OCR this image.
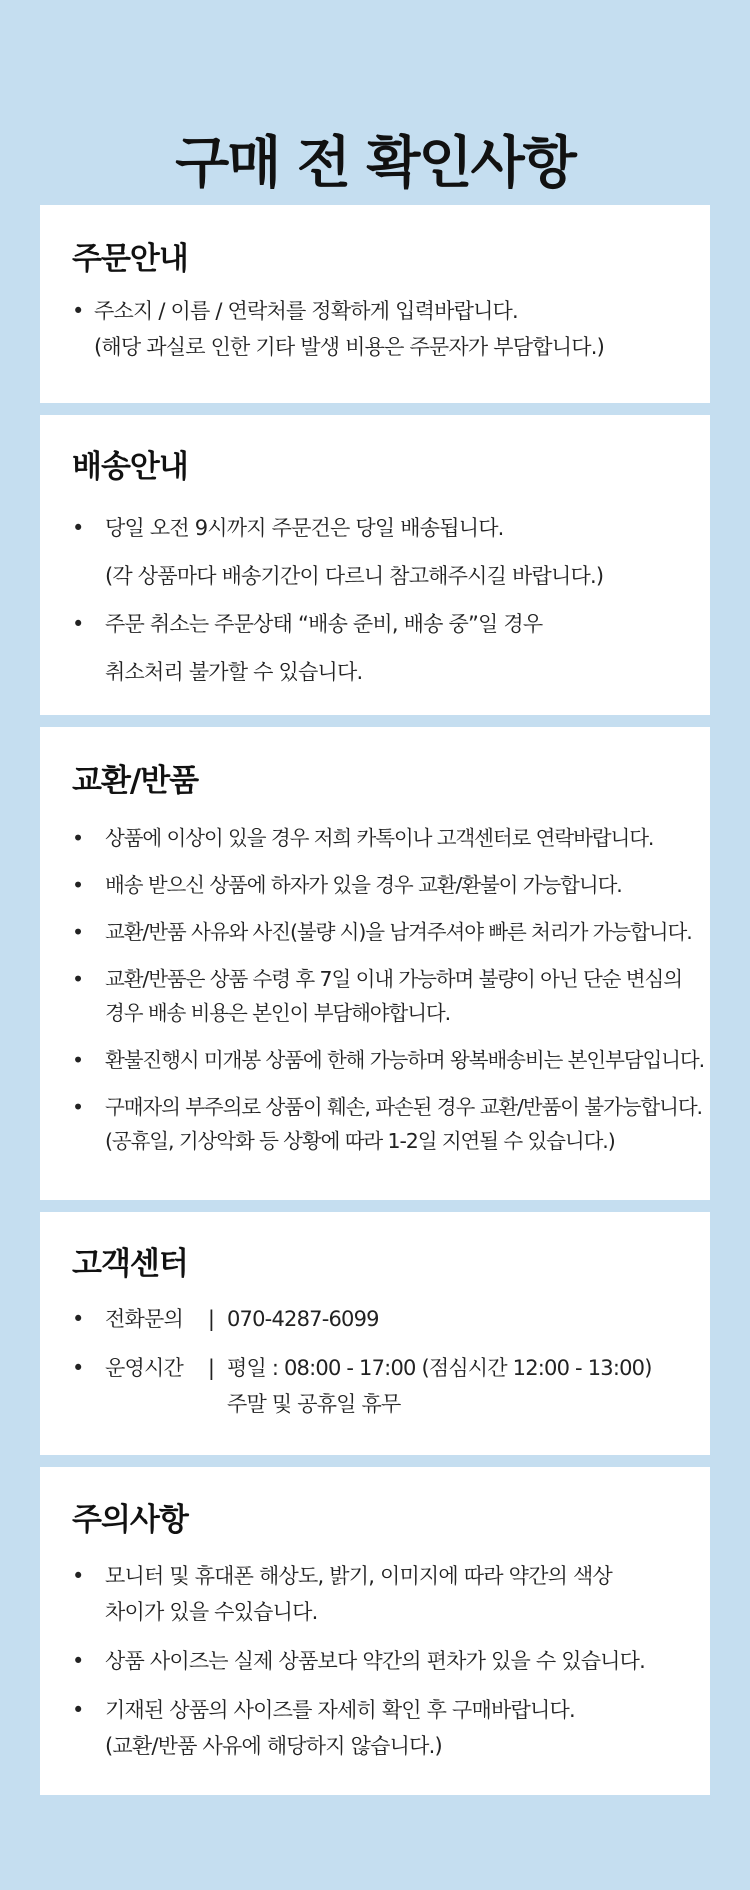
구매 전 확인사항
주문안내
• 주소지 / 이름 / 연락처를 정확하게 입력바랍니다.
(해당 과실로 인한 기타 발생 비용은 주문자가 부담합니다.)
배송안내
• 당일 오전 9시까지 주문건은 당일 배송됩니다.
(각 상품마다 배송기간이 다르니 참고해주시길 바랍니다.)
• 주문 취소는 주문상태 “배송 준비, 배송 중”일 경우
취소처리 불가할 수 있습니다.
교환/반품
• 상품에 이상이 있을 경우 저희 카톡이나 고객센터로 연락바랍니다.
• 배송 받으신 상품에 하자가 있을 경우 교환/환불이 가능합니다.
• 교환/반품 사유와 사진(불량 시)을 남겨주셔야 빠른 처리가 가능합니다.
• 교환/반품은 상품 수령 후 7일 이내 가능하며 불량이 아닌 단순 변심의
경우 배송 비용은 본인이 부담해야합니다.
• 환불진행시 미개봉 상품에 한해 가능하며 왕복배송비는 본인부담입니다.
• 구매자의 부주의로 상품이 훼손, 파손된 경우 교환/반품이 불가능합니다.
(공휴일, 기상악화 등 상황에 따라 1-2일 지연될 수 있습니다.)
고객센터
• 전화문의 | 070-4287-6099
• 운영시간 | 평일 : 08:00 - 17:00 (점심시간 12:00 - 13:00)
주말 및 공휴일 휴무
주의사항
• 모니터 및 휴대폰 해상도, 밝기, 이미지에 따라 약간의 색상
차이가 있을 수있습니다.
• 상품 사이즈는 실제 상품보다 약간의 편차가 있을 수 있습니다.
• 기재된 상품의 사이즈를 자세히 확인 후 구매바랍니다.
(교환/반품 사유에 해당하지 않습니다.)
